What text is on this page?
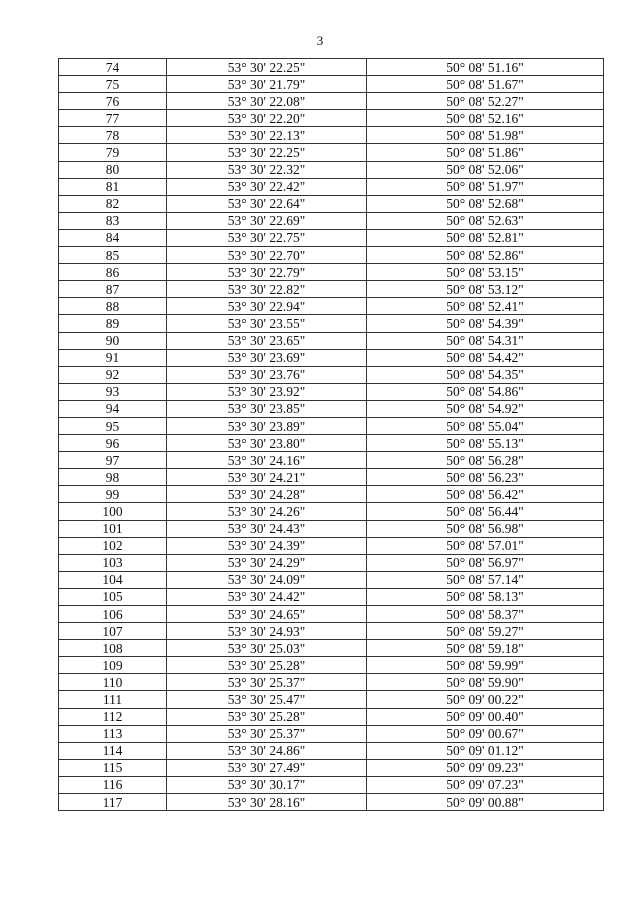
3
74	53° 30' 22.25"	50° 08' 51.16"
75	53° 30' 21.79"	50° 08' 51.67"
76	53° 30' 22.08"	50° 08' 52.27"
77	53° 30' 22.20"	50° 08' 52.16"
78	53° 30' 22.13"	50° 08' 51.98"
79	53° 30' 22.25"	50° 08' 51.86"
80	53° 30' 22.32"	50° 08' 52.06"
81	53° 30' 22.42"	50° 08' 51.97"
82	53° 30' 22.64"	50° 08' 52.68"
83	53° 30' 22.69"	50° 08' 52.63"
84	53° 30' 22.75"	50° 08' 52.81"
85	53° 30' 22.70"	50° 08' 52.86"
86	53° 30' 22.79"	50° 08' 53.15"
87	53° 30' 22.82"	50° 08' 53.12"
88	53° 30' 22.94"	50° 08' 52.41"
89	53° 30' 23.55"	50° 08' 54.39"
90	53° 30' 23.65"	50° 08' 54.31"
91	53° 30' 23.69"	50° 08' 54.42"
92	53° 30' 23.76"	50° 08' 54.35"
93	53° 30' 23.92"	50° 08' 54.86"
94	53° 30' 23.85"	50° 08' 54.92"
95	53° 30' 23.89"	50° 08' 55.04"
96	53° 30' 23.80"	50° 08' 55.13"
97	53° 30' 24.16"	50° 08' 56.28"
98	53° 30' 24.21"	50° 08' 56.23"
99	53° 30' 24.28"	50° 08' 56.42"
100	53° 30' 24.26"	50° 08' 56.44"
101	53° 30' 24.43"	50° 08' 56.98"
102	53° 30' 24.39"	50° 08' 57.01"
103	53° 30' 24.29"	50° 08' 56.97"
104	53° 30' 24.09"	50° 08' 57.14"
105	53° 30' 24.42"	50° 08' 58.13"
106	53° 30' 24.65"	50° 08' 58.37"
107	53° 30' 24.93"	50° 08' 59.27"
108	53° 30' 25.03"	50° 08' 59.18"
109	53° 30' 25.28"	50° 08' 59.99"
110	53° 30' 25.37"	50° 08' 59.90"
111	53° 30' 25.47"	50° 09' 00.22"
112	53° 30' 25.28"	50° 09' 00.40"
113	53° 30' 25.37"	50° 09' 00.67"
114	53° 30' 24.86"	50° 09' 01.12"
115	53° 30' 27.49"	50° 09' 09.23"
116	53° 30' 30.17"	50° 09' 07.23"
117	53° 30' 28.16"	50° 09' 00.88"
